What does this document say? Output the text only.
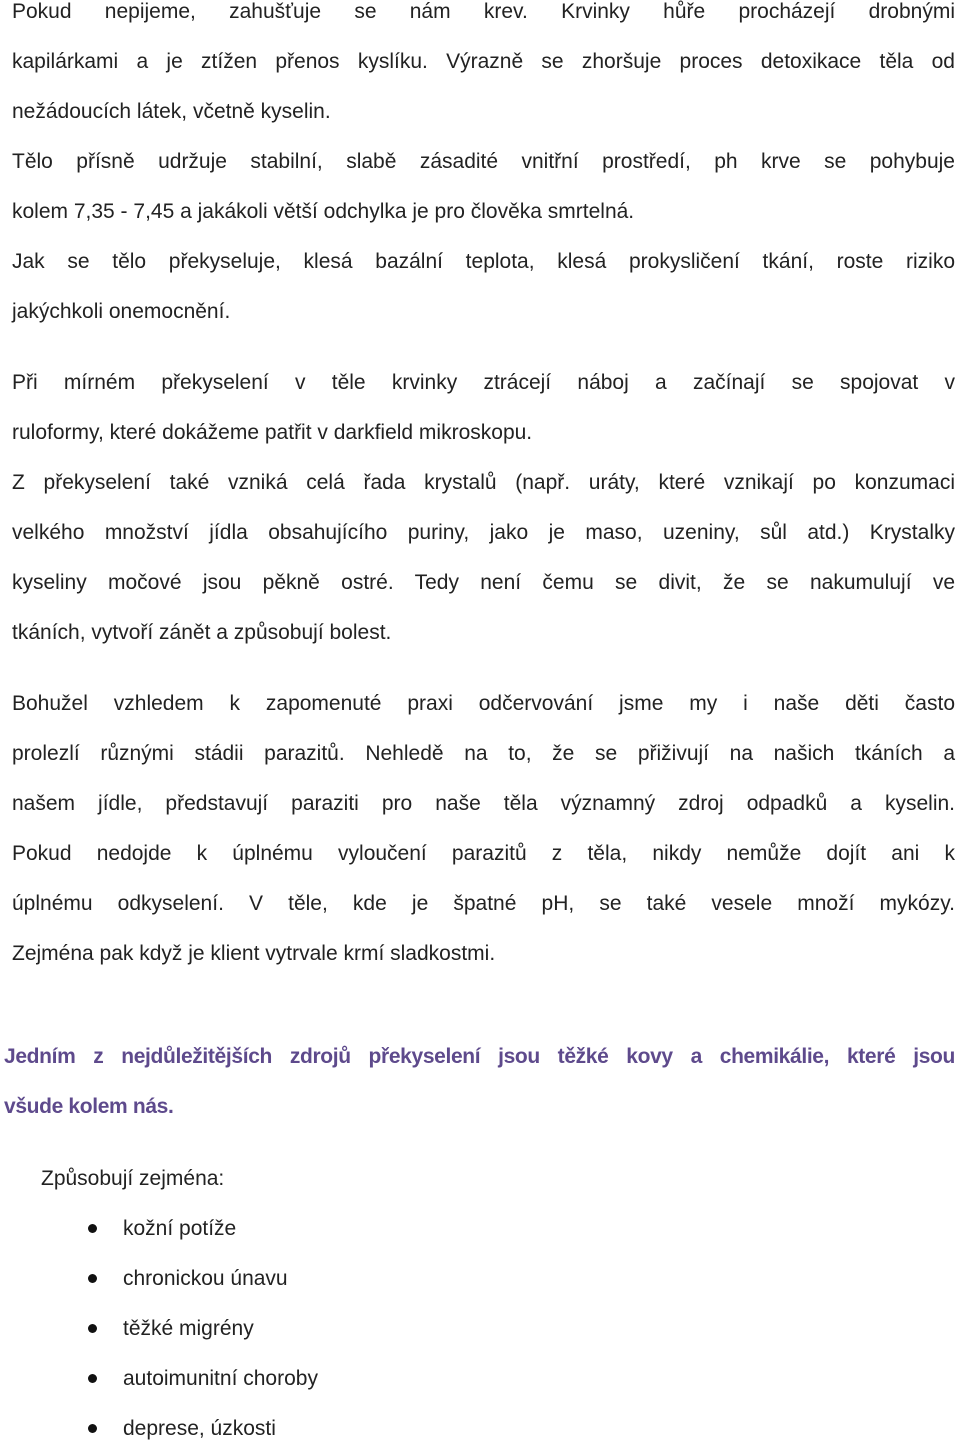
Pokud nepijeme, zahušťuje se nám krev. Krvinky hůře procházejí drobnými
kapilárkami a je ztížen přenos kyslíku. Výrazně se zhoršuje proces detoxikace těla od
nežádoucích látek, včetně kyselin.
Tělo přísně udržuje stabilní, slabě zásadité vnitřní prostředí, ph krve se pohybuje
kolem 7,35 - 7,45 a jakákoli větší odchylka je pro člověka smrtelná.
Jak se tělo překyseluje, klesá bazální teplota, klesá prokysličení tkání, roste riziko
jakýchkoli onemocnění.
Při mírném překyselení v těle krvinky ztrácejí náboj a začínají se spojovat v
ruloformy, které dokážeme patřit v darkfield mikroskopu.
Z překyselení také vzniká celá řada krystalů (např. uráty, které vznikají po konzumaci
velkého množství jídla obsahujícího puriny, jako je maso, uzeniny, sůl atd.) Krystalky
kyseliny močové jsou pěkně ostré. Tedy není čemu se divit, že se nakumulují ve
tkáních, vytvoří zánět a způsobují bolest.
Bohužel vzhledem k zapomenuté praxi odčervování jsme my i naše děti často
prolezlí různými stádii parazitů. Nehledě na to, že se přiživují na našich tkáních a
našem jídle, představují paraziti pro naše těla významný zdroj odpadků a kyselin.
Pokud nedojde k úplnému vyloučení parazitů z těla, nikdy nemůže dojít ani k
úplnému odkyselení. V těle, kde je špatné pH, se také vesele množí mykózy.
Zejména pak když je klient vytrvale krmí sladkostmi.
Jedním z nejdůležitějších zdrojů překyselení jsou těžké kovy a chemikálie, které jsou
všude kolem nás.
Způsobují zejména:
kožní potíže
chronickou únavu
těžké migrény
autoimunitní choroby
deprese, úzkosti
